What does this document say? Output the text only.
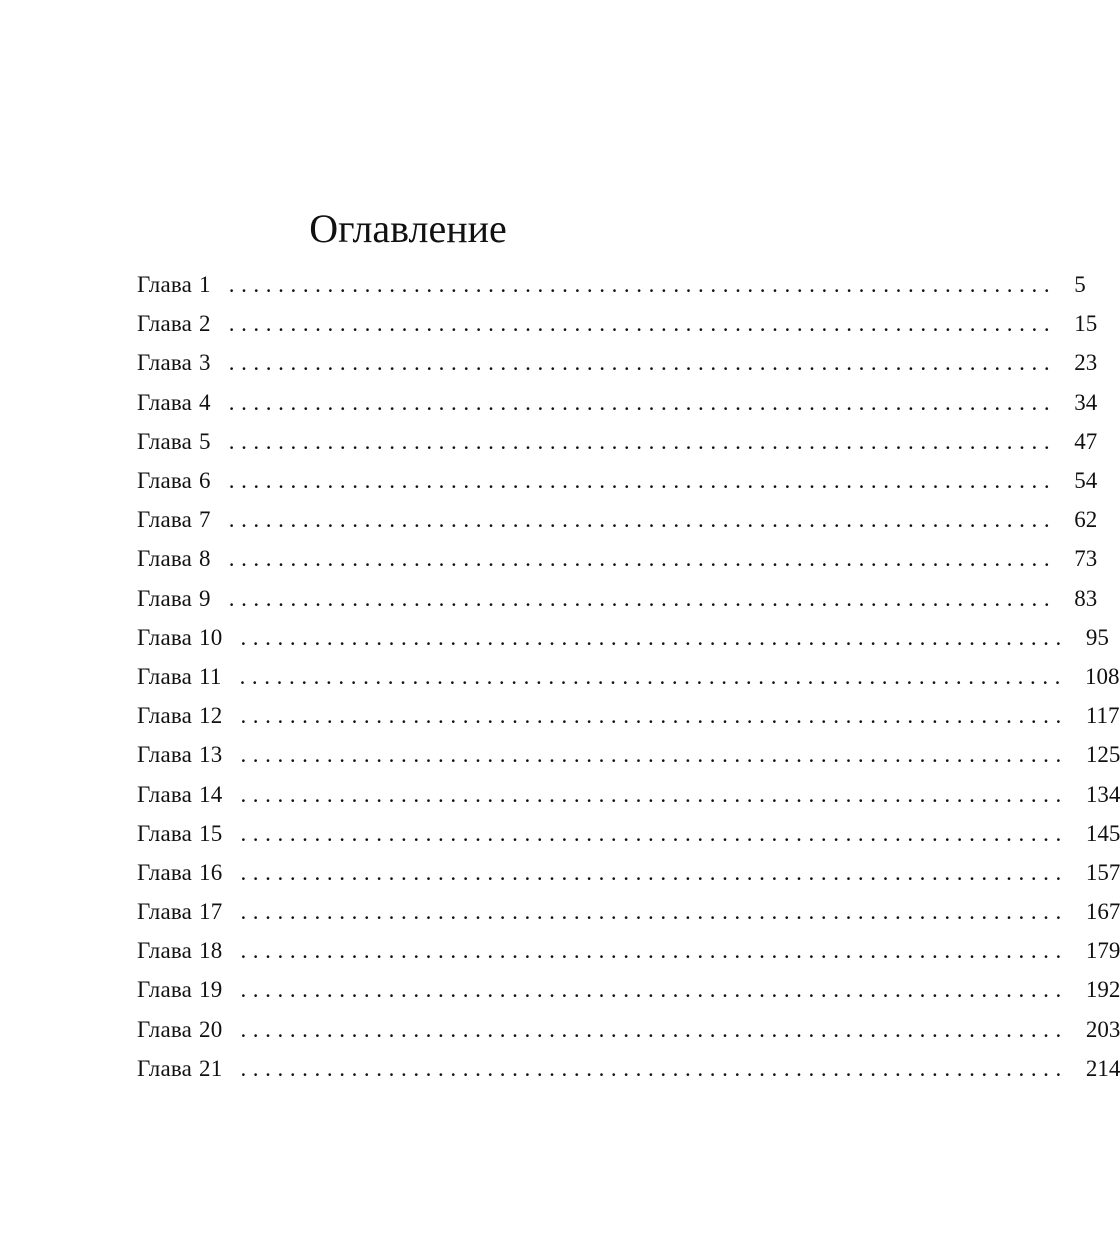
Оглавление
Глава 1 ................................................................... 5
Глава 2 ................................................................... 15
Глава 3 ................................................................... 23
Глава 4 ................................................................... 34
Глава 5 ................................................................... 47
Глава 6 ................................................................... 54
Глава 7 ................................................................... 62
Глава 8 ................................................................... 73
Глава 9 ................................................................... 83
Глава 10 ................................................................... 95
Глава 11 ................................................................... 108
Глава 12 ................................................................... 117
Глава 13 ................................................................... 125
Глава 14 ................................................................... 134
Глава 15 ................................................................... 145
Глава 16 ................................................................... 157
Глава 17 ................................................................... 167
Глава 18 ................................................................... 179
Глава 19 ................................................................... 192
Глава 20 ................................................................... 203
Глава 21 ................................................................... 214
